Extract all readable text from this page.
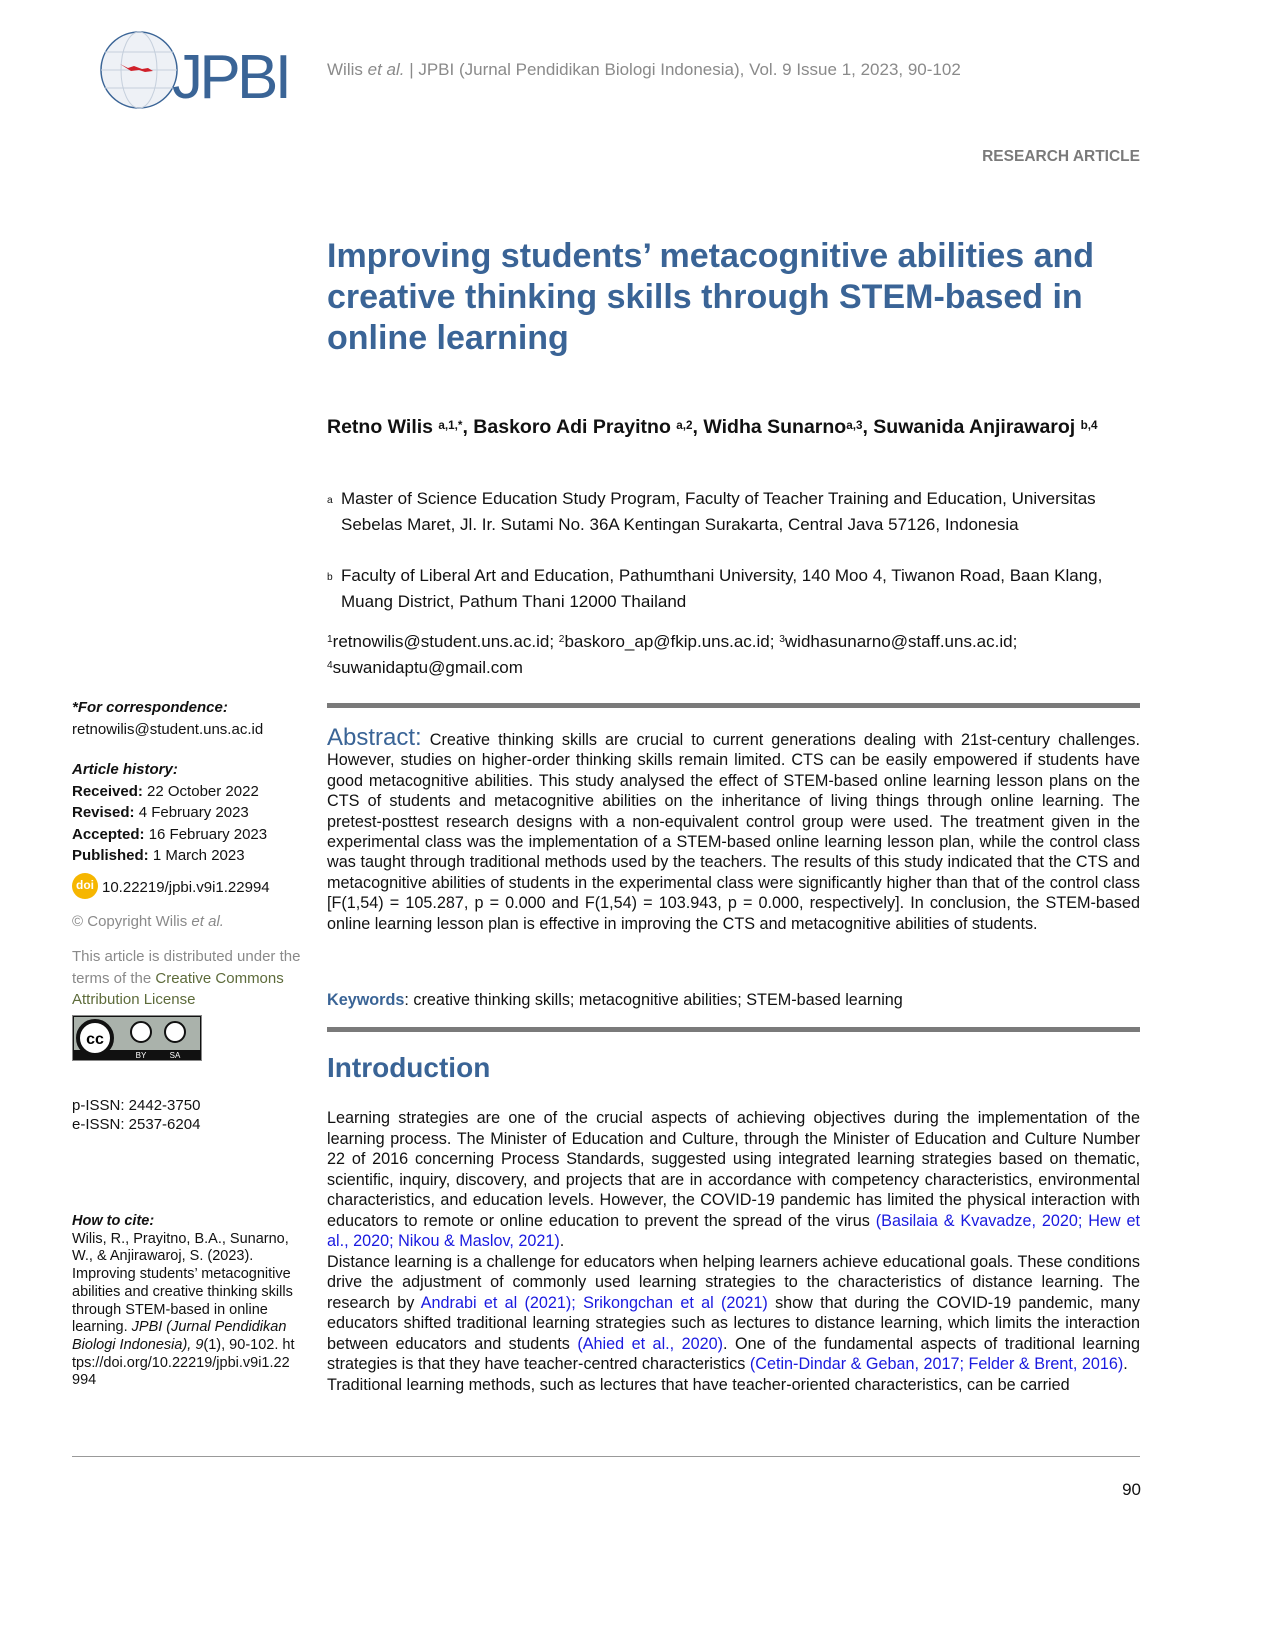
JPBI Wilis et al. | JPBI (Jurnal Pendidikan Biologi Indonesia), Vol. 9 Issue 1, 2023, 90-102
RESEARCH ARTICLE
Improving students’ metacognitive abilities and creative thinking skills through STEM-based in online learning
Retno Wilis $^{a,1,*}$, Baskoro Adi Prayitno $^{a,2}$, Widha Sunarno$^{a,3}$, Suwanida Anjirawaroj $^{b,4}$
a Master of Science Education Study Program, Faculty of Teacher Training and Education, Universitas Sebelas Maret, Jl. Ir. Sutami No. 36A Kentingan Surakarta, Central Java 57126, Indonesia
b Faculty of Liberal Art and Education, Pathumthani University, 140 Moo 4, Tiwanon Road, Baan Klang, Muang District, Pathum Thani 12000 Thailand
$^1$retnowilis@student.uns.ac.id; $^2$baskoro_ap@fkip.uns.ac.id; $^3$widhasunarno@staff.uns.ac.id;
$^4$suwanidaptu@gmail.com
Abstract: Creative thinking skills are crucial to current generations dealing with 21st-century challenges. However, studies on higher-order thinking skills remain limited. CTS can be easily empowered if students have good metacognitive abilities. This study analysed the effect of STEM-based online learning lesson plans on the CTS of students and metacognitive abilities on the inheritance of living things through online learning. The pretest-posttest research designs with a non-equivalent control group were used. The treatment given in the experimental class was the implementation of a STEM-based online learning lesson plan, while the control class was taught through traditional methods used by the teachers. The results of this study indicated that the CTS and metacognitive abilities of students in the experimental class were significantly higher than that of the control class [F(1,54) = 105.287, p = 0.000 and F(1,54) = 103.943, p = 0.000, respectively]. In conclusion, the STEM-based online learning lesson plan is effective in improving the CTS and metacognitive abilities of students.
Keywords: creative thinking skills; metacognitive abilities; STEM-based learning
Introduction

Learning strategies are one of the crucial aspects of achieving objectives during the implementation of the learning process. The Minister of Education and Culture, through the Minister of Education and Culture Number 22 of 2016 concerning Process Standards, suggested using integrated learning strategies based on thematic, scientific, inquiry, discovery, and projects that are in accordance with competency characteristics, environmental characteristics, and education levels. However, the COVID-19 pandemic has limited the physical interaction with educators to remote or online education to prevent the spread of the virus (Basilaia & Kvavadze, 2020; Hew et al., 2020; Nikou & Maslov, 2021).

Distance learning is a challenge for educators when helping learners achieve educational goals. These conditions drive the adjustment of commonly used learning strategies to the characteristics of distance learning. The research by Andrabi et al (2021); Srikongchan et al (2021) show that during the COVID-19 pandemic, many educators shifted traditional learning strategies such as lectures to distance learning, which limits the interaction between educators and students (Ahied et al., 2020). One of the fundamental aspects of traditional learning strategies is that they have teacher-centred characteristics (Cetin-Dindar & Geban, 2017; Felder & Brent, 2016).

Traditional learning methods, such as lectures that have teacher-oriented characteristics, can be carried

*For correspondence:
retnowilis@student.uns.ac.id
Article history:
Received: 22 October 2022
Revised: 4 February 2023
Accepted: 16 February 2023
Published: 1 March 2023
doi 10.22219/jpbi.v9i1.22994
© Copyright Wilis et al.
This article is distributed under the terms of the Creative Commons Attribution License
cc
BY	SA
p-ISSN: 2442-3750
e-ISSN: 2537-6204
How to cite:
Wilis, R., Prayitno, B.A., Sunarno, W., & Anjirawaroj, S. (2023). Improving students’ metacognitive abilities and creative thinking skills through STEM-based in online learning. JPBI (Jurnal Pendidikan Biologi Indonesia), 9(1), 90-102. https://doi.org/10.22219/jpbi.v9i1.22994
90
